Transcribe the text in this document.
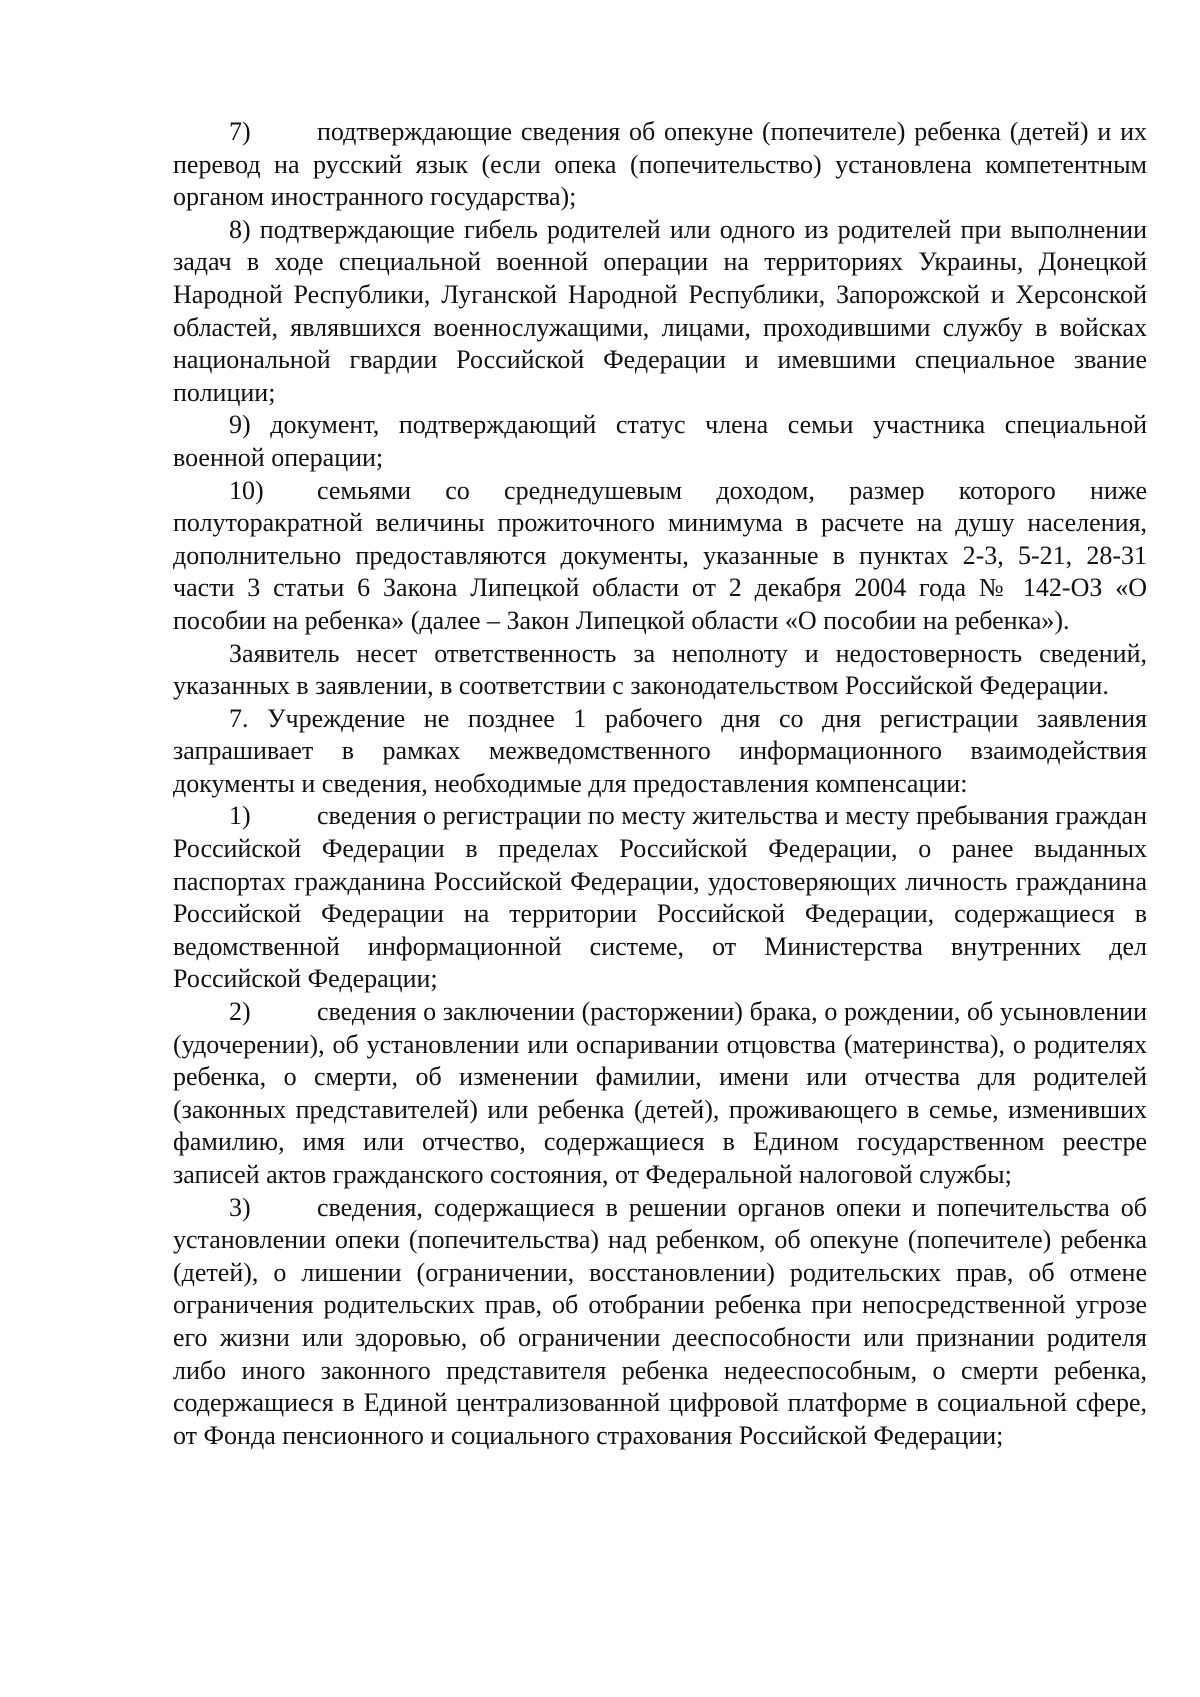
7)	подтверждающие сведения об опекуне (попечителе) ребенка (детей) и их перевод на русский язык (если опека (попечительство) установлена компетентным органом иностранного государства);

8) подтверждающие гибель родителей или одного из родителей при выполнении задач в ходе специальной военной операции на территориях Украины, Донецкой Народной Республики, Луганской Народной Республики, Запорожской и Херсонской областей, являвшихся военнослужащими, лицами, проходившими службу в войсках национальной гвардии Российской Федерации и имевшими специальное звание полиции;

9) документ, подтверждающий статус члена семьи участника специальной военной операции;

10) семьями со среднедушевым доходом, размер которого ниже полуторакратной величины прожиточного минимума в расчете на душу населения, дополнительно предоставляются документы, указанные в пунктах 2-3, 5-21, 28-31 части 3 статьи 6 Закона Липецкой области от 2 декабря 2004 года № 142-ОЗ «О пособии на ребенка» (далее – Закон Липецкой области «О пособии на ребенка»).

Заявитель несет ответственность за неполноту и недостоверность сведений, указанных в заявлении, в соответствии с законодательством Российской Федерации.

7. Учреждение не позднее 1 рабочего дня со дня регистрации заявления запрашивает в рамках межведомственного информационного взаимодействия документы и сведения, необходимые для предоставления компенсации:

1)	сведения о регистрации по месту жительства и месту пребывания граждан Российской Федерации в пределах Российской Федерации, о ранее выданных паспортах гражданина Российской Федерации, удостоверяющих личность гражданина Российской Федерации на территории Российской Федерации, содержащиеся в ведомственной информационной системе, от Министерства внутренних дел Российской Федерации;

2)	сведения о заключении (расторжении) брака, о рождении, об усыновлении (удочерении), об установлении или оспаривании отцовства (материнства), о родителях ребенка, о смерти, об изменении фамилии, имени или отчества для родителей (законных представителей) или ребенка (детей), проживающего в семье, изменивших фамилию, имя или отчество, содержащиеся в Едином государственном реестре записей актов гражданского состояния, от Федеральной налоговой службы;

3)	сведения, содержащиеся в решении органов опеки и попечительства об установлении опеки (попечительства) над ребенком, об опекуне (попечителе) ребенка (детей), о лишении (ограничении, восстановлении) родительских прав, об отмене ограничения родительских прав, об отобрании ребенка при непосредственной угрозе его жизни или здоровью, об ограничении дееспособности или признании родителя либо иного законного представителя ребенка недееспособным, о смерти ребенка, содержащиеся в Единой централизованной цифровой платформе в социальной сфере, от Фонда пенсионного и социального страхования Российской Федерации;
